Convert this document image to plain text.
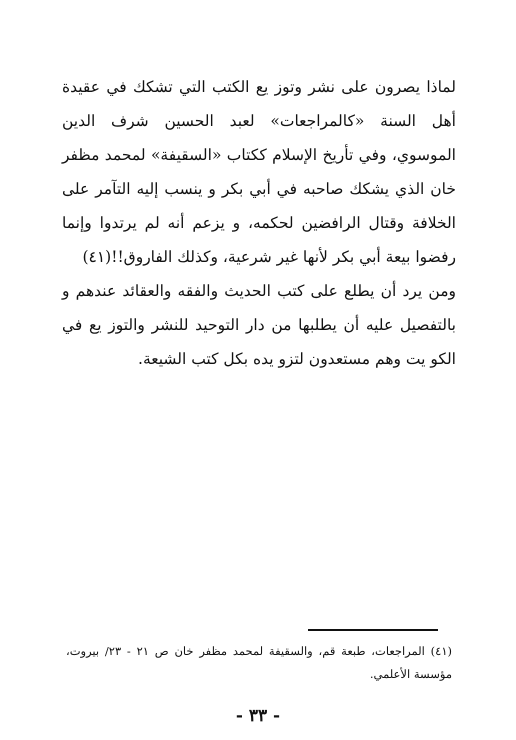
لماذا يصرون على نشر وتوز يع الكتب التي تشكك في عقيدة أهل السنة «كالمراجعات» لعبد الحسين شرف الدين الموسوي، وفي تأريخ الإسلام ككتاب «السقيفة» لمحمد مظفر خان الذي يشكك صاحبه في أبي بكر و ينسب إليه التآمر على الخلافة وقتال الرافضين لحكمه، و يزعم أنه لم يرتدوا وإنما رفضوا بيعة أبي بكر لأنها غير شرعية، وكذلك الفاروق!!(٤١)

ومن يرد أن يطلع على كتب الحديث والفقه والعقائد عندهم و بالتفصيل عليه أن يطلبها من دار التوحيد للنشر والتوز يع في الكو يت وهم مستعدون لتزو يده بكل كتب الشيعة.

(٤١) المراجعات، طبعة قم، والسقيفة لمحمد مظفر خان ص ٢١ - ٢٣/ بيروت، مؤسسة الأعلمي.

- ٣٣ -
